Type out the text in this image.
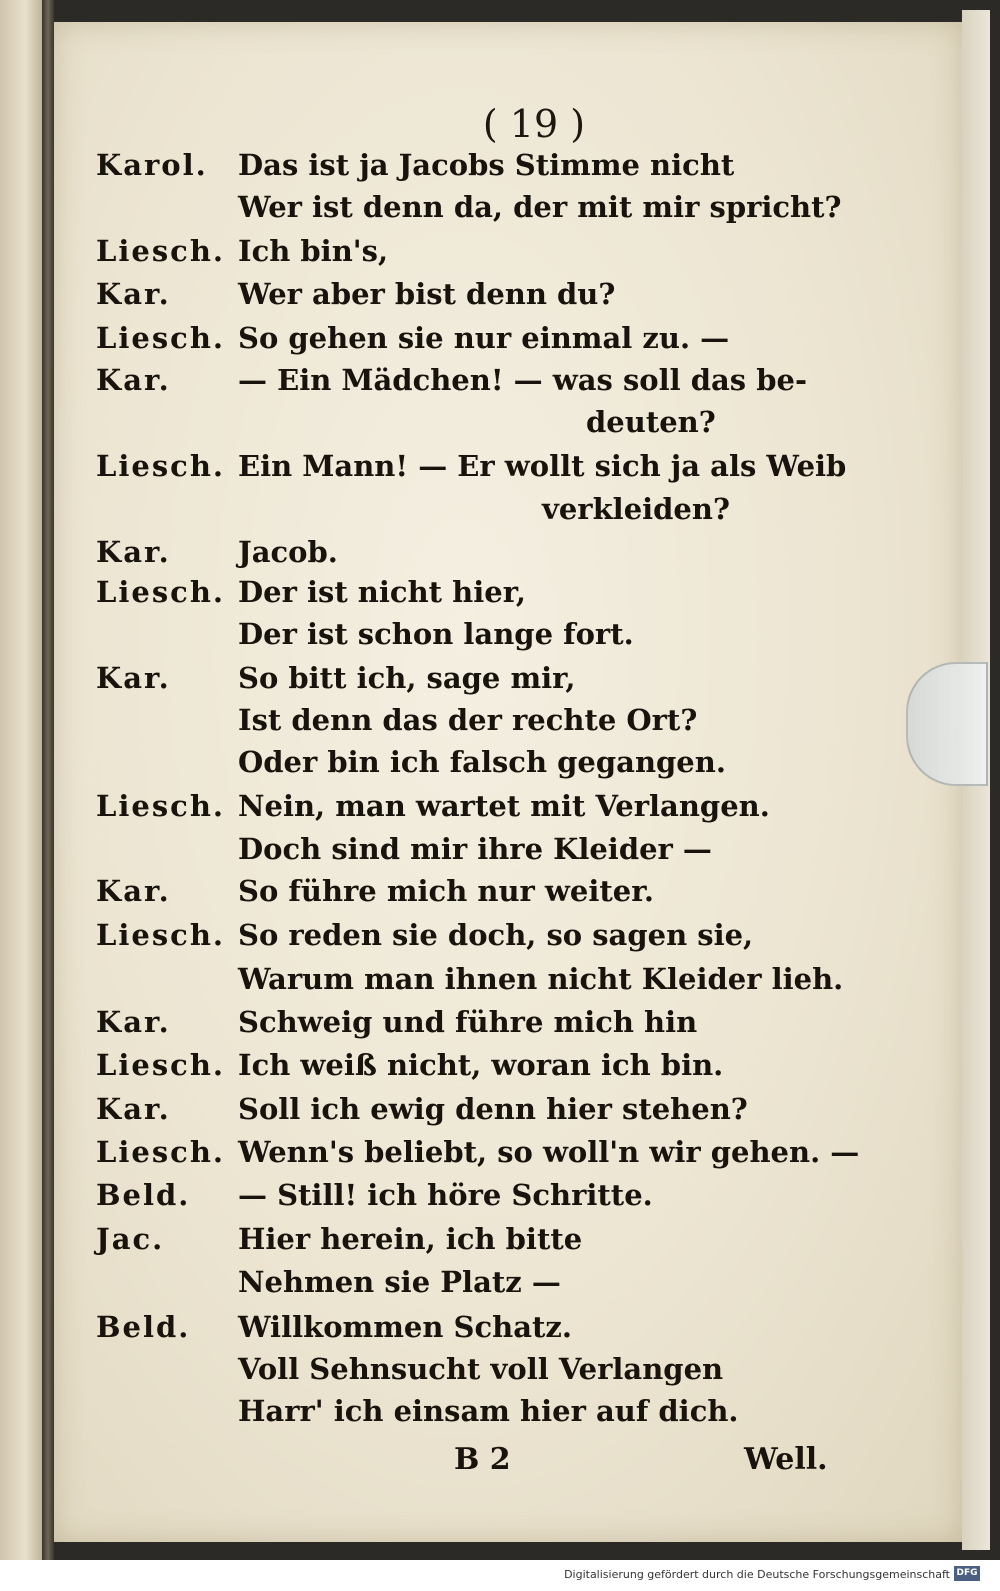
( 19 )
Karol. Das ist ja Jacobs Stimme nicht
Wer ist denn da, der mit mir spricht?
Liesch. Ich bin's,
Kar. Wer aber bist denn du?
Liesch. So gehen sie nur einmal zu. —
Kar. — Ein Mädchen! — was soll das be-
deuten?
Liesch. Ein Mann! — Er wollt sich ja als Weib
verkleiden?
Kar. Jacob.
Liesch. Der ist nicht hier,
Der ist schon lange fort.
Kar. So bitt ich, sage mir,
Ist denn das der rechte Ort?
Oder bin ich falsch gegangen.
Liesch. Nein, man wartet mit Verlangen.
Doch sind mir ihre Kleider —
Kar. So führe mich nur weiter.
Liesch. So reden sie doch, so sagen sie,
Warum man ihnen nicht Kleider lieh.
Kar. Schweig und führe mich hin
Liesch. Ich weiß nicht, woran ich bin.
Kar. Soll ich ewig denn hier stehen?
Liesch. Wenn's beliebt, so woll'n wir gehen. —
Beld. — Still! ich höre Schritte.
Jac.	Hier herein, ich bitte
Nehmen sie Platz —
Beld. Willkommen Schatz.
Voll Sehnsucht voll Verlangen
Harr' ich einsam hier auf dich.
B 2	Well.
Digitalisierung gefördert durch die Deutsche Forschungsgemeinschaft DFG
